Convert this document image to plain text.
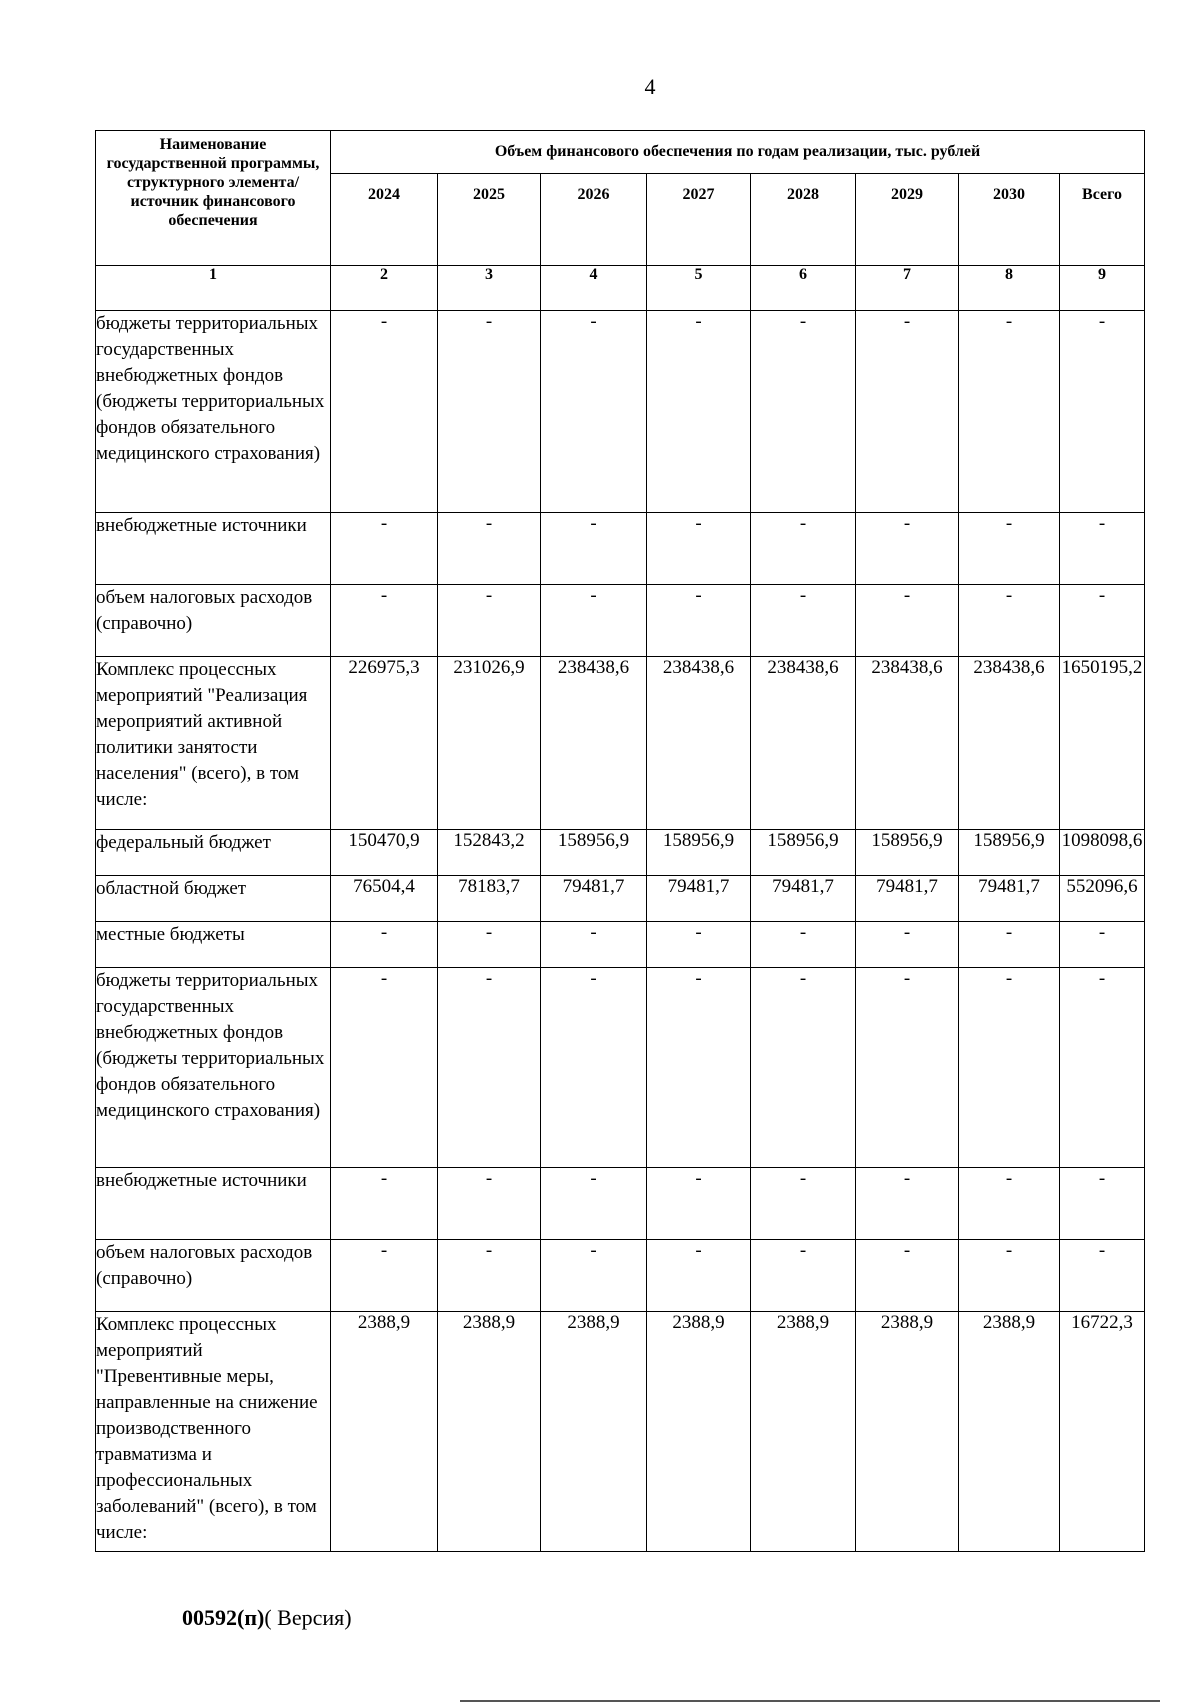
4
Наименование государственной программы, структурного элемента/источник финансового обеспечения	Объем финансового обеспечения по годам реализации, тыс. рублей							
	2024	2025	2026	2027	2028	2029	2030	Всего
1	2	3	4	5	6	7	8	9
бюджеты территориальных государственных внебюджетных фондов (бюджеты территориальных фондов обязательного медицинского страхования)	-	-	-	-	-	-	-	-
внебюджетные источники	-	-	-	-	-	-	-	-
объем налоговых расходов (справочно)	-	-	-	-	-	-	-	-
Комплекс процессных мероприятий "Реализация мероприятий активной политики занятости населения" (всего), в том числе:	226975,3	231026,9	238438,6	238438,6	238438,6	238438,6	238438,6	1650195,2
федеральный бюджет	150470,9	152843,2	158956,9	158956,9	158956,9	158956,9	158956,9	1098098,6
областной бюджет	76504,4	78183,7	79481,7	79481,7	79481,7	79481,7	79481,7	552096,6
местные бюджеты	-	-	-	-	-	-	-	-
бюджеты территориальных государственных внебюджетных фондов (бюджеты территориальных фондов обязательного медицинского страхования)	-	-	-	-	-	-	-	-
внебюджетные источники	-	-	-	-	-	-	-	-
объем налоговых расходов (справочно)	-	-	-	-	-	-	-	-
Комплекс процессных мероприятий "Превентивные меры, направленные на снижение производственного травматизма и профессиональных заболеваний" (всего), в том числе:	2388,9	2388,9	2388,9	2388,9	2388,9	2388,9	2388,9	16722,3
00592(п)( Версия)
